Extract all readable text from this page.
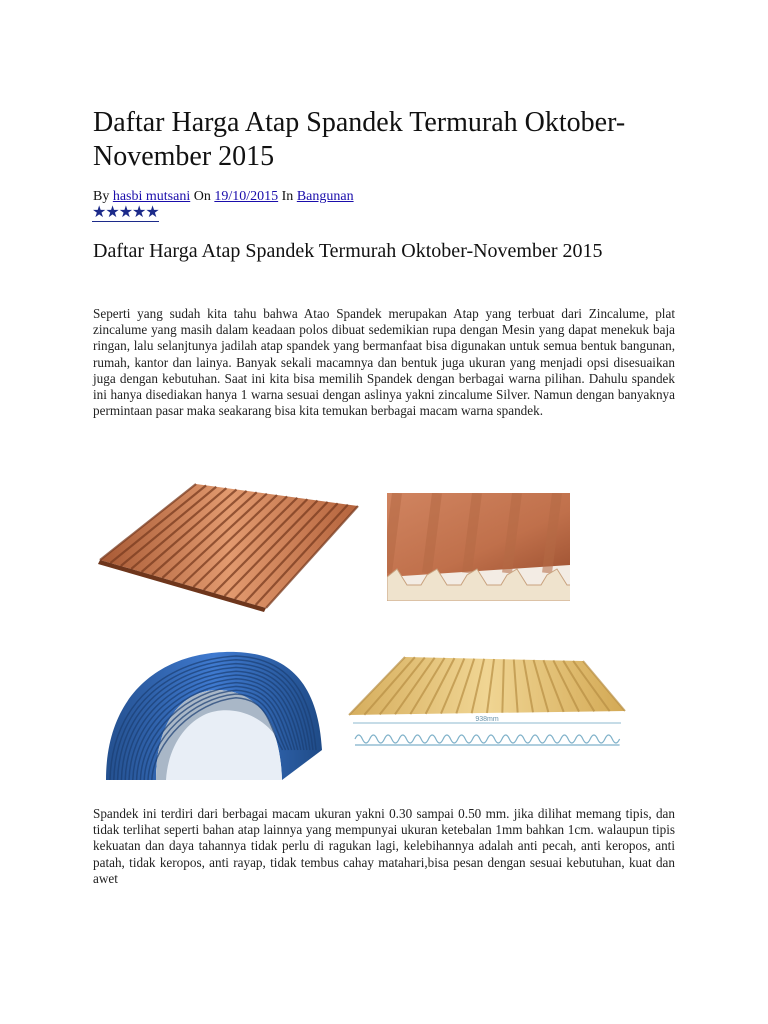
Daftar Harga Atap Spandek Termurah Oktober-November 2015
By hasbi mutsani On 19/10/2015 In Bangunan
★★★★★
Daftar Harga Atap Spandek Termurah Oktober-November 2015

Seperti yang sudah kita tahu bahwa Atao Spandek merupakan Atap yang terbuat dari Zincalume, plat zincalume yang masih dalam keadaan polos dibuat sedemikian rupa dengan Mesin yang dapat menekuk baja ringan, lalu selanjtunya jadilah atap spandek yang bermanfaat bisa digunakan untuk semua bentuk bangunan, rumah, kantor dan lainya. Banyak sekali macamnya dan bentuk juga ukuran yang menjadi opsi disesuaikan juga dengan kebutuhan. Saat ini kita bisa memilih Spandek dengan berbagai warna pilihan. Dahulu spandek ini hanya disediakan hanya 1 warna sesuai dengan aslinya yakni zincalume Silver. Namun dengan banyaknya permintaan pasar maka seakarang bisa kita temukan berbagai macam warna spandek.

938mm

Spandek ini terdiri dari berbagai macam ukuran yakni 0.30 sampai 0.50 mm. jika dilihat memang tipis, dan tidak terlihat seperti bahan atap lainnya yang mempunyai ukuran ketebalan 1mm bahkan 1cm. walaupun tipis kekuatan dan daya tahannya tidak perlu di ragukan lagi, kelebihannya adalah anti pecah, anti keropos, anti patah, tidak keropos, anti rayap, tidak tembus cahay matahari,bisa pesan dengan sesuai kebutuhan, kuat dan awet
